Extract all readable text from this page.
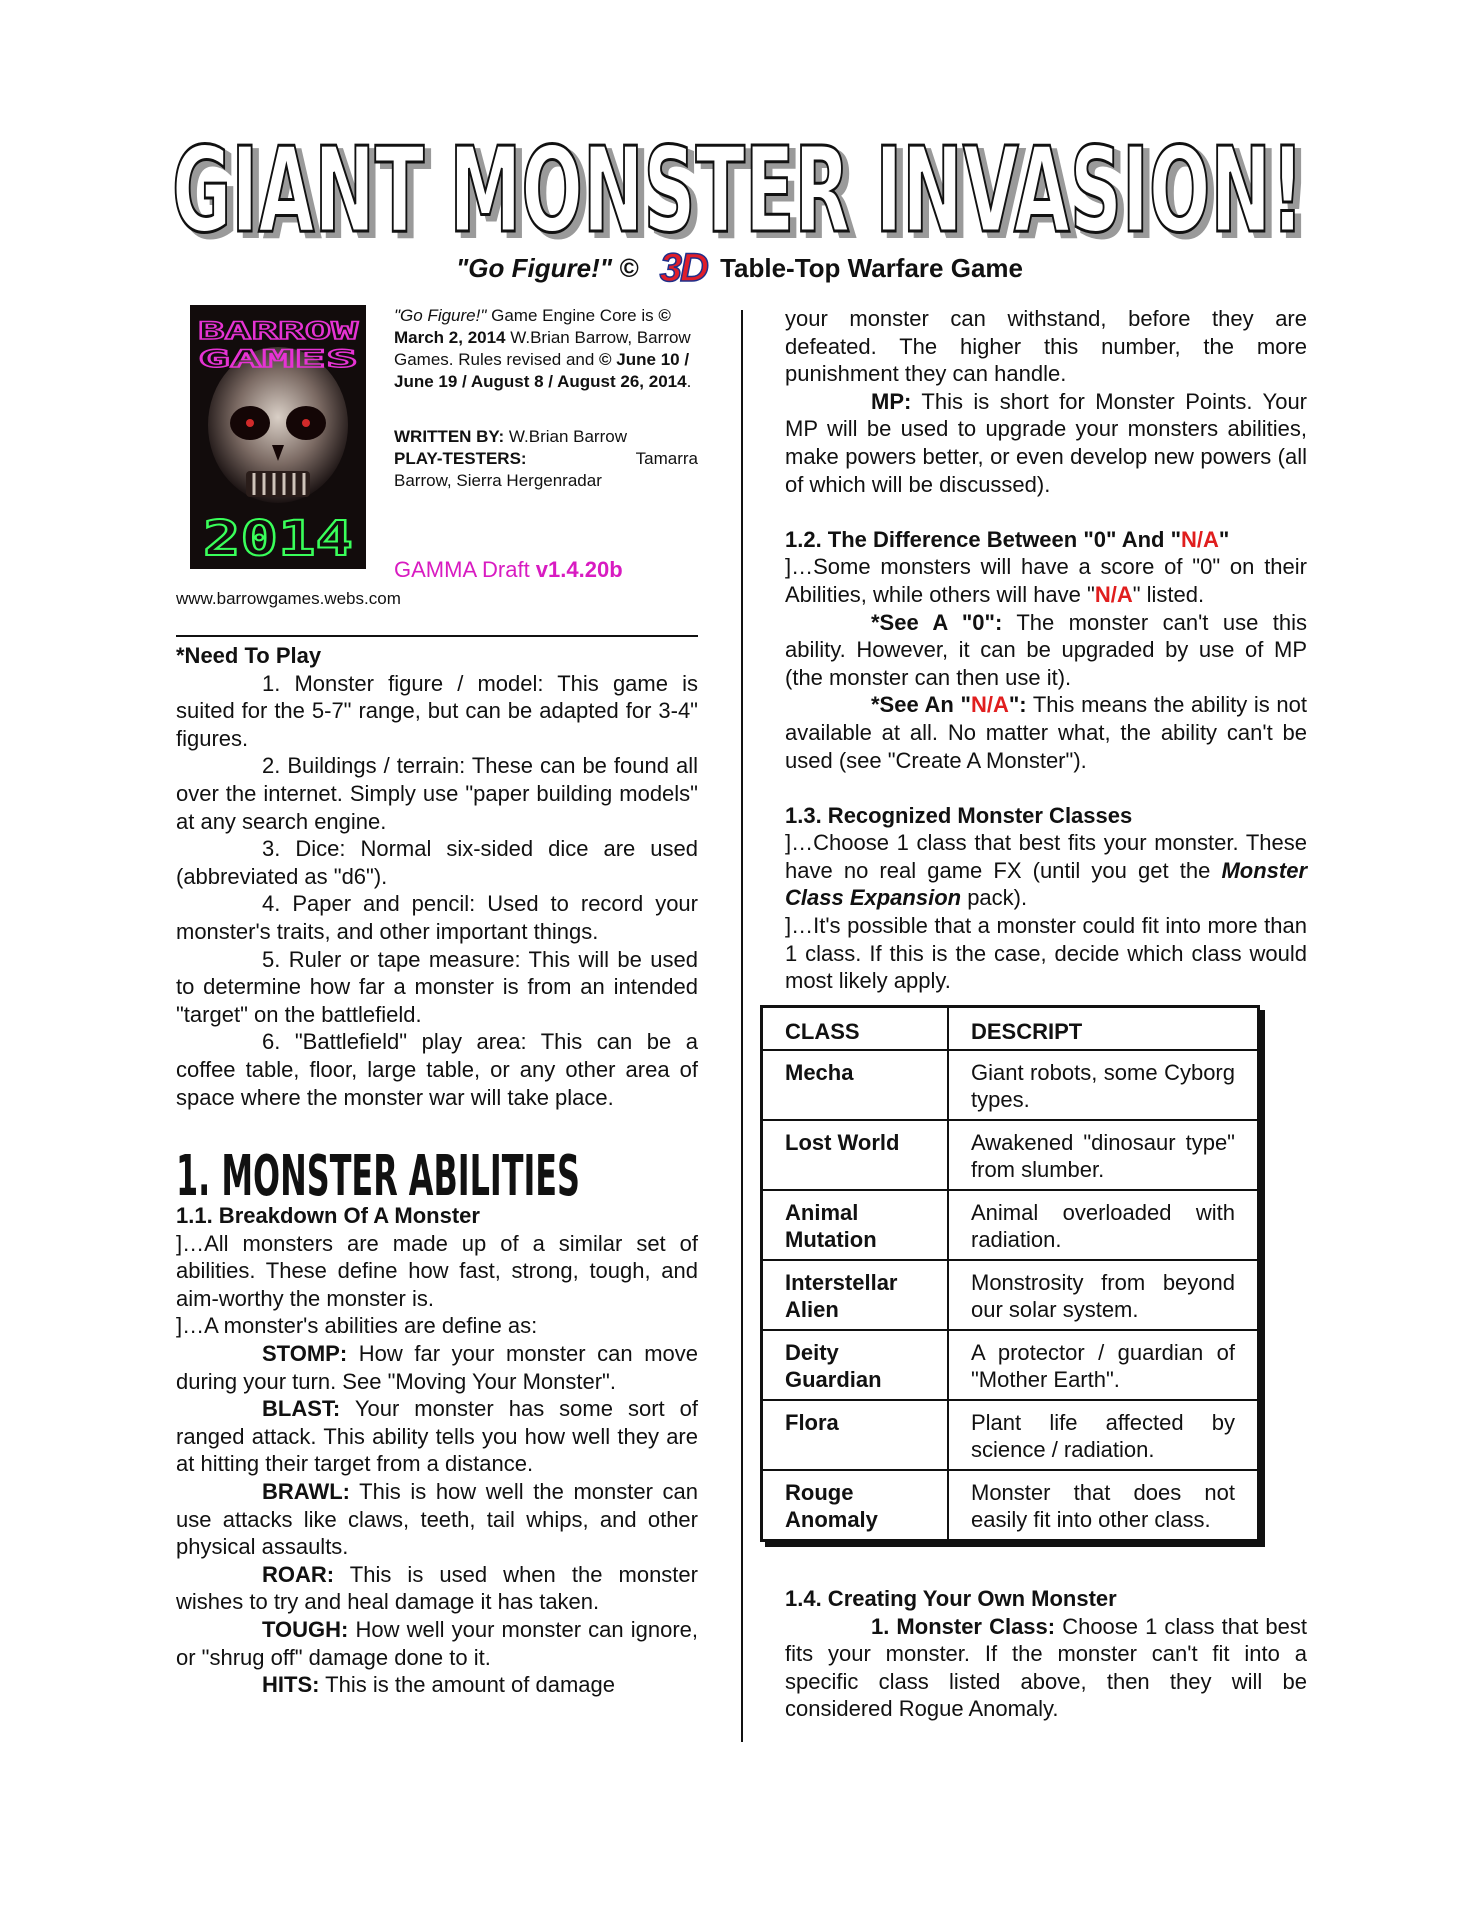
GIANT MONSTER INVASION!
GIANT MONSTER INVASION!
"Go Figure!" © 3D Table-Top Warfare Game
BARROW
GAMES
2014

"Go Figure!" Game Engine Core is © March 2, 2014 W.Brian Barrow, Barrow Games. Rules revised and © June 10 / June 19 / August 8 / August 26, 2014.

WRITTEN BY: W.Brian Barrow

PLAY-TESTERS:	Tamarra Barrow, Sierra Hergenradar

GAMMA Draft v1.4.20b
www.barrowgames.webs.com

*Need To Play

1. Monster figure / model: This game is suited for the 5-7" range, but can be adapted for 3-4" figures.

2. Buildings / terrain: These can be found all over the internet. Simply use "paper building models" at any search engine.

3. Dice: Normal six-sided dice are used (abbreviated as "d6").

4. Paper and pencil: Used to record your monster's traits, and other important things.

5. Ruler or tape measure: This will be used to determine how far a monster is from an intended "target" on the battlefield.

6. "Battlefield" play area: This can be a coffee table, floor, large table, or any other area of space where the monster war will take place.

1. MONSTER ABILITIES

1.1. Breakdown Of A Monster

]…All monsters are made up of a similar set of abilities. These define how fast, strong, tough, and aim-worthy the monster is.

]…A monster's abilities are define as:

STOMP: How far your monster can move during your turn. See "Moving Your Monster".

BLAST: Your monster has some sort of ranged attack. This ability tells you how well they are at hitting their target from a distance.

BRAWL: This is how well the monster can use attacks like claws, teeth, tail whips, and other physical assaults.

ROAR: This is used when the monster wishes to try and heal damage it has taken.

TOUGH: How well your monster can ignore, or "shrug off" damage done to it.

HITS: This is the amount of damage

your monster can withstand, before they are defeated. The higher this number, the more punishment they can handle.

MP: This is short for Monster Points. Your MP will be used to upgrade your monsters abilities, make powers better, or even develop new powers (all of which will be discussed).

1.2. The Difference Between "0" And "N/A"

]…Some monsters will have a score of "0" on their Abilities, while others will have "N/A" listed.

*See A "0": The monster can't use this ability. However, it can be upgraded by use of MP (the monster can then use it).

*See An "N/A": This means the ability is not available at all. No matter what, the ability can't be used (see "Create A Monster").

1.3. Recognized Monster Classes

]…Choose 1 class that best fits your monster. These have no real game FX (until you get the Monster Class Expansion pack).

]…It's possible that a monster could fit into more than 1 class. If this is the case, decide which class would most likely apply.

1.4. Creating Your Own Monster

1. Monster Class: Choose 1 class that best fits your monster. If the monster can't fit into a specific class listed above, then they will be considered Rogue Anomaly.

CLASS	DESCRIPT
Mecha	Giant robots, some Cyborg types.
Lost World	Awakened "dinosaur type" from slumber.
Animal Mutation	Animal overloaded with radiation.
Interstellar Alien	Monstrosity from beyond our solar system.
Deity Guardian	A protector / guardian of "Mother Earth".
Flora	Plant life affected by science / radiation.
Rouge Anomaly	Monster that does not easily fit into other class.
